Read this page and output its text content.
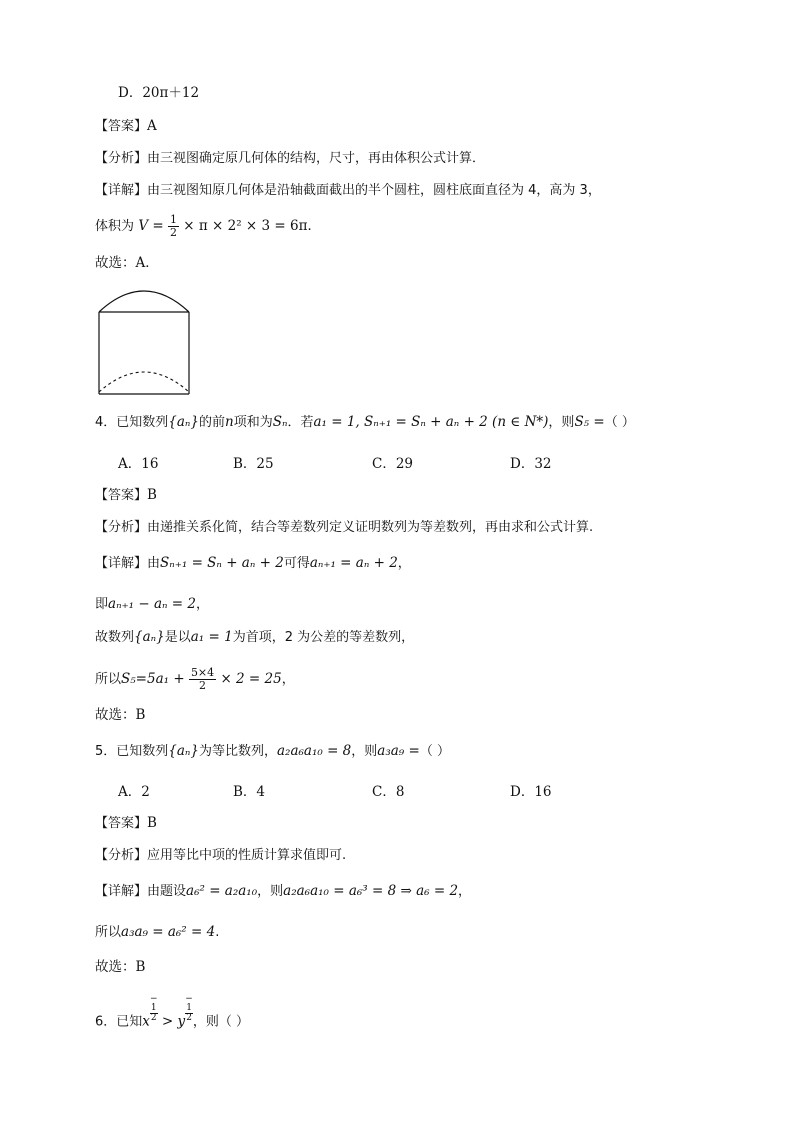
D．20π＋12
【答案】A
【分析】由三视图确定原几何体的结构，尺寸，再由体积公式计算．
【详解】由三视图知原几何体是沿轴截面截出的半个圆柱，圆柱底面直径为 4，高为 3，
体积为 $V = \frac{1}{2} \times \pi \times 2^2 \times 3 = 6\pi$．
故选：A．
4．已知数列{aₙ}的前n项和为Sₙ．若a₁ = 1, Sₙ₊₁ = Sₙ + aₙ + 2 (n ∈ N*)，则S₅ =（ ）
A．16	B．25	C．29	D．32
【答案】B
【分析】由递推关系化简，结合等差数列定义证明数列为等差数列，再由求和公式计算.
【详解】由Sₙ₊₁ = Sₙ + aₙ + 2可得aₙ₊₁ = aₙ + 2，
即aₙ₊₁ − aₙ = 2，
故数列{aₙ}是以a₁ = 1为首项，2 为公差的等差数列，
所以$S_5=5a_1 + \frac{5\times 4}{2} \times 2 = 25$，
故选：B
5．已知数列{aₙ}为等比数列，a₂a₆a₁₀ = 8，则a₃a₉ =（ ）
A．2	B．4	C．8	D．16
【答案】B
【分析】应用等比中项的性质计算求值即可.
【详解】由题设a₆² = a₂a₁₀，则a₂a₆a₁₀ = a₆³ = 8 ⇒ a₆ = 2，
所以a₃a₉ = a₆² = 4.
故选：B
6．已知x−
1
2 > y−
1
2 ，则（ ）
